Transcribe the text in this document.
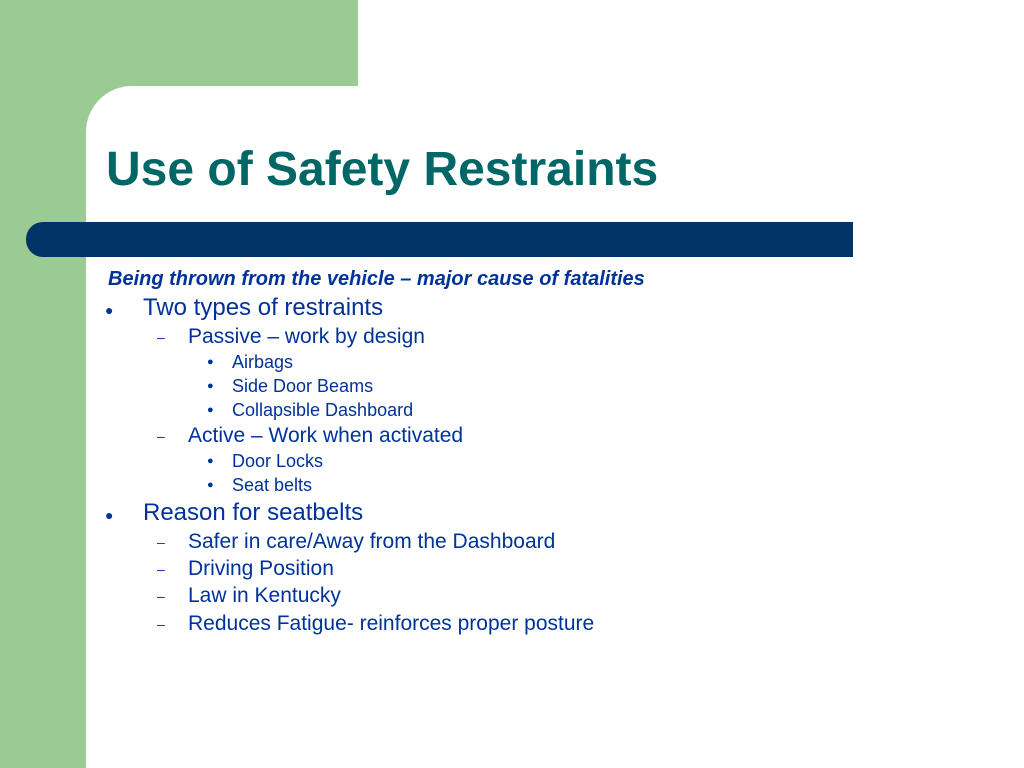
Use of Safety Restraints

Being thrown from the vehicle – major cause of fatalities

● Two types of restraints

– Passive – work by design

● Airbags

● Side Door Beams

● Collapsible Dashboard

– Active – Work when activated

● Door Locks

● Seat belts

● Reason for seatbelts

– Safer in care/Away from the Dashboard

– Driving Position

– Law in Kentucky

– Reduces Fatigue- reinforces proper posture
